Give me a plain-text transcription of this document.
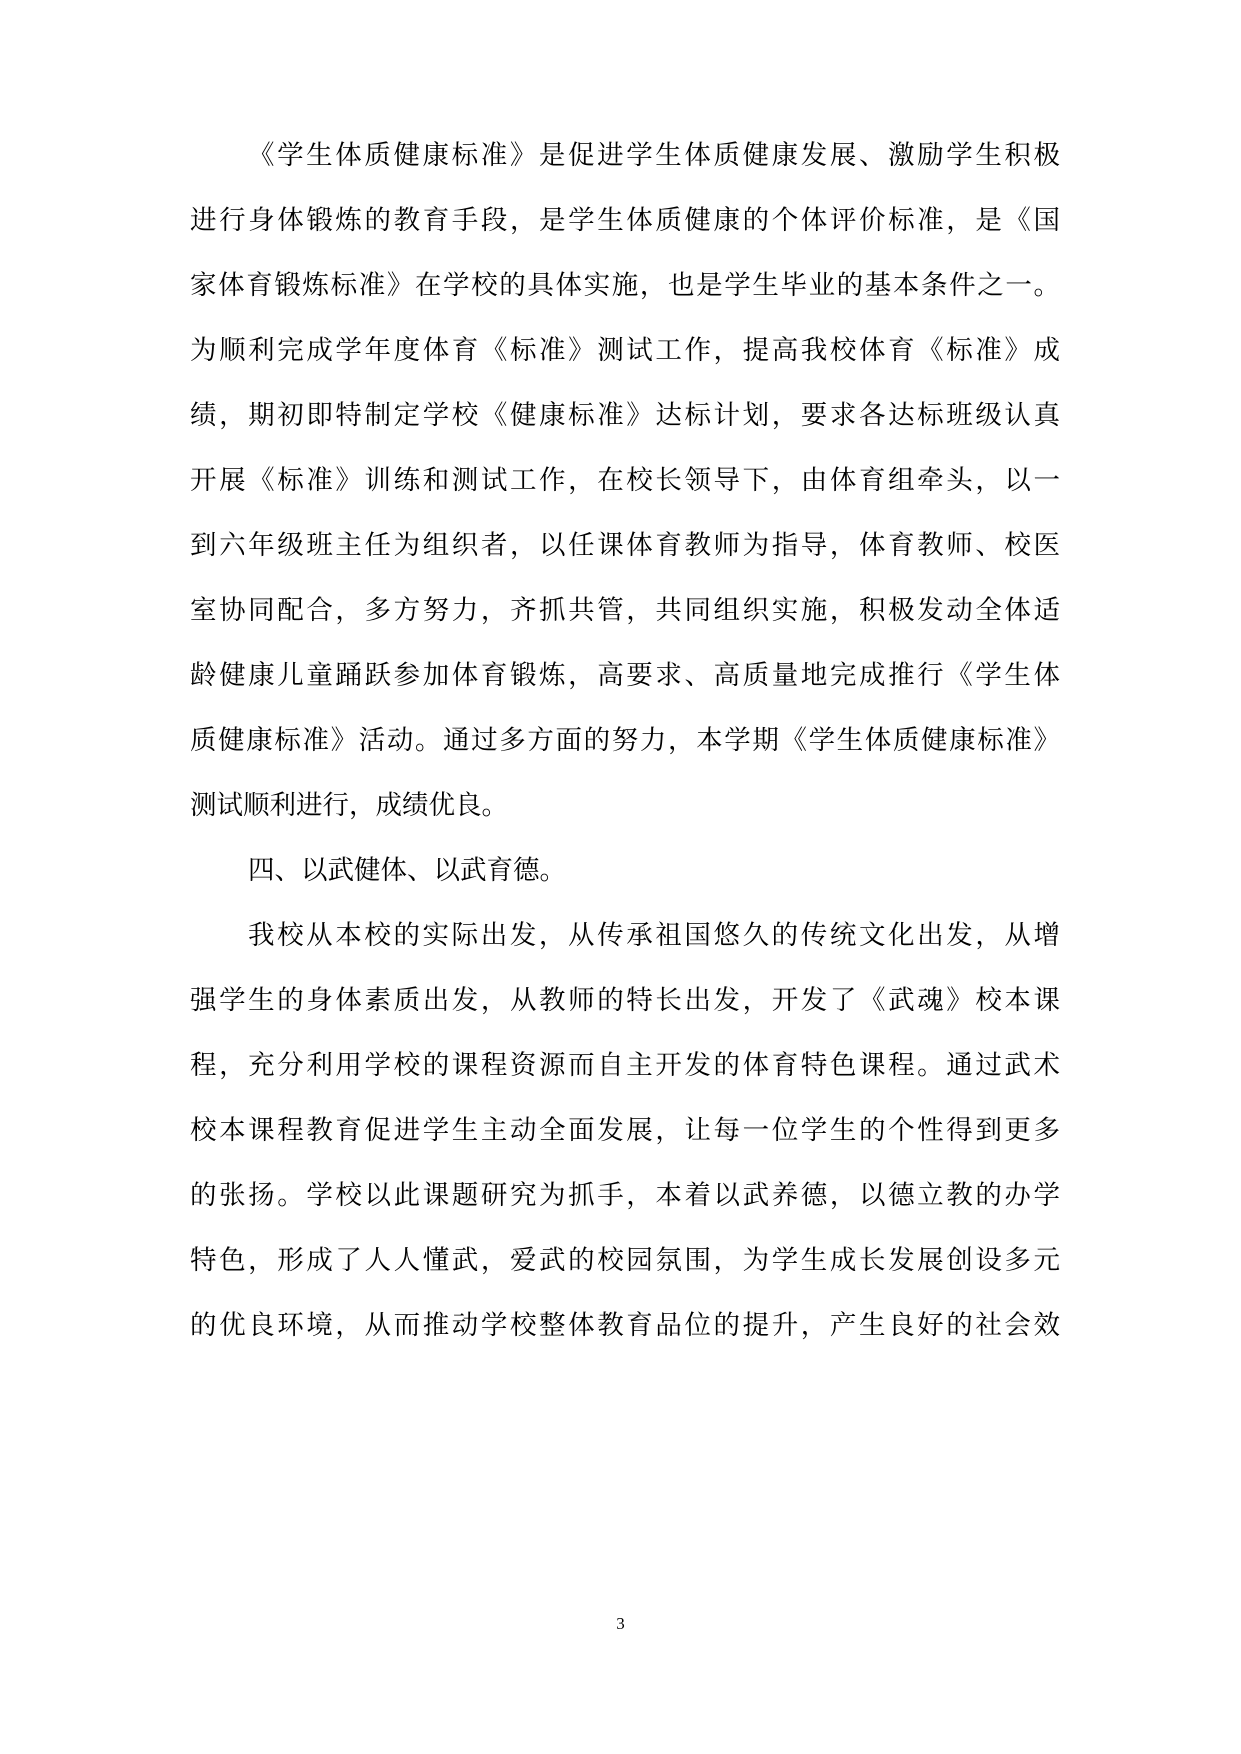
《学生体质健康标准》是促进学生体质健康发展、激励学生积极
进行身体锻炼的教育手段，是学生体质健康的个体评价标准，是《国
家体育锻炼标准》在学校的具体实施，也是学生毕业的基本条件之一。
为顺利完成学年度体育《标准》测试工作，提高我校体育《标准》成
绩，期初即特制定学校《健康标准》达标计划，要求各达标班级认真
开展《标准》训练和测试工作，在校长领导下，由体育组牵头，以一
到六年级班主任为组织者，以任课体育教师为指导，体育教师、校医
室协同配合，多方努力，齐抓共管，共同组织实施，积极发动全体适
龄健康儿童踊跃参加体育锻炼，高要求、高质量地完成推行《学生体
质健康标准》活动。通过多方面的努力，本学期《学生体质健康标准》
测试顺利进行，成绩优良。
四、以武健体、以武育德。
我校从本校的实际出发，从传承祖国悠久的传统文化出发，从增
强学生的身体素质出发，从教师的特长出发，开发了《武魂》校本课
程，充分利用学校的课程资源而自主开发的体育特色课程。通过武术
校本课程教育促进学生主动全面发展，让每一位学生的个性得到更多
的张扬。学校以此课题研究为抓手，本着以武养德，以德立教的办学
特色，形成了人人懂武，爱武的校园氛围，为学生成长发展创设多元
的优良环境，从而推动学校整体教育品位的提升，产生良好的社会效
3
